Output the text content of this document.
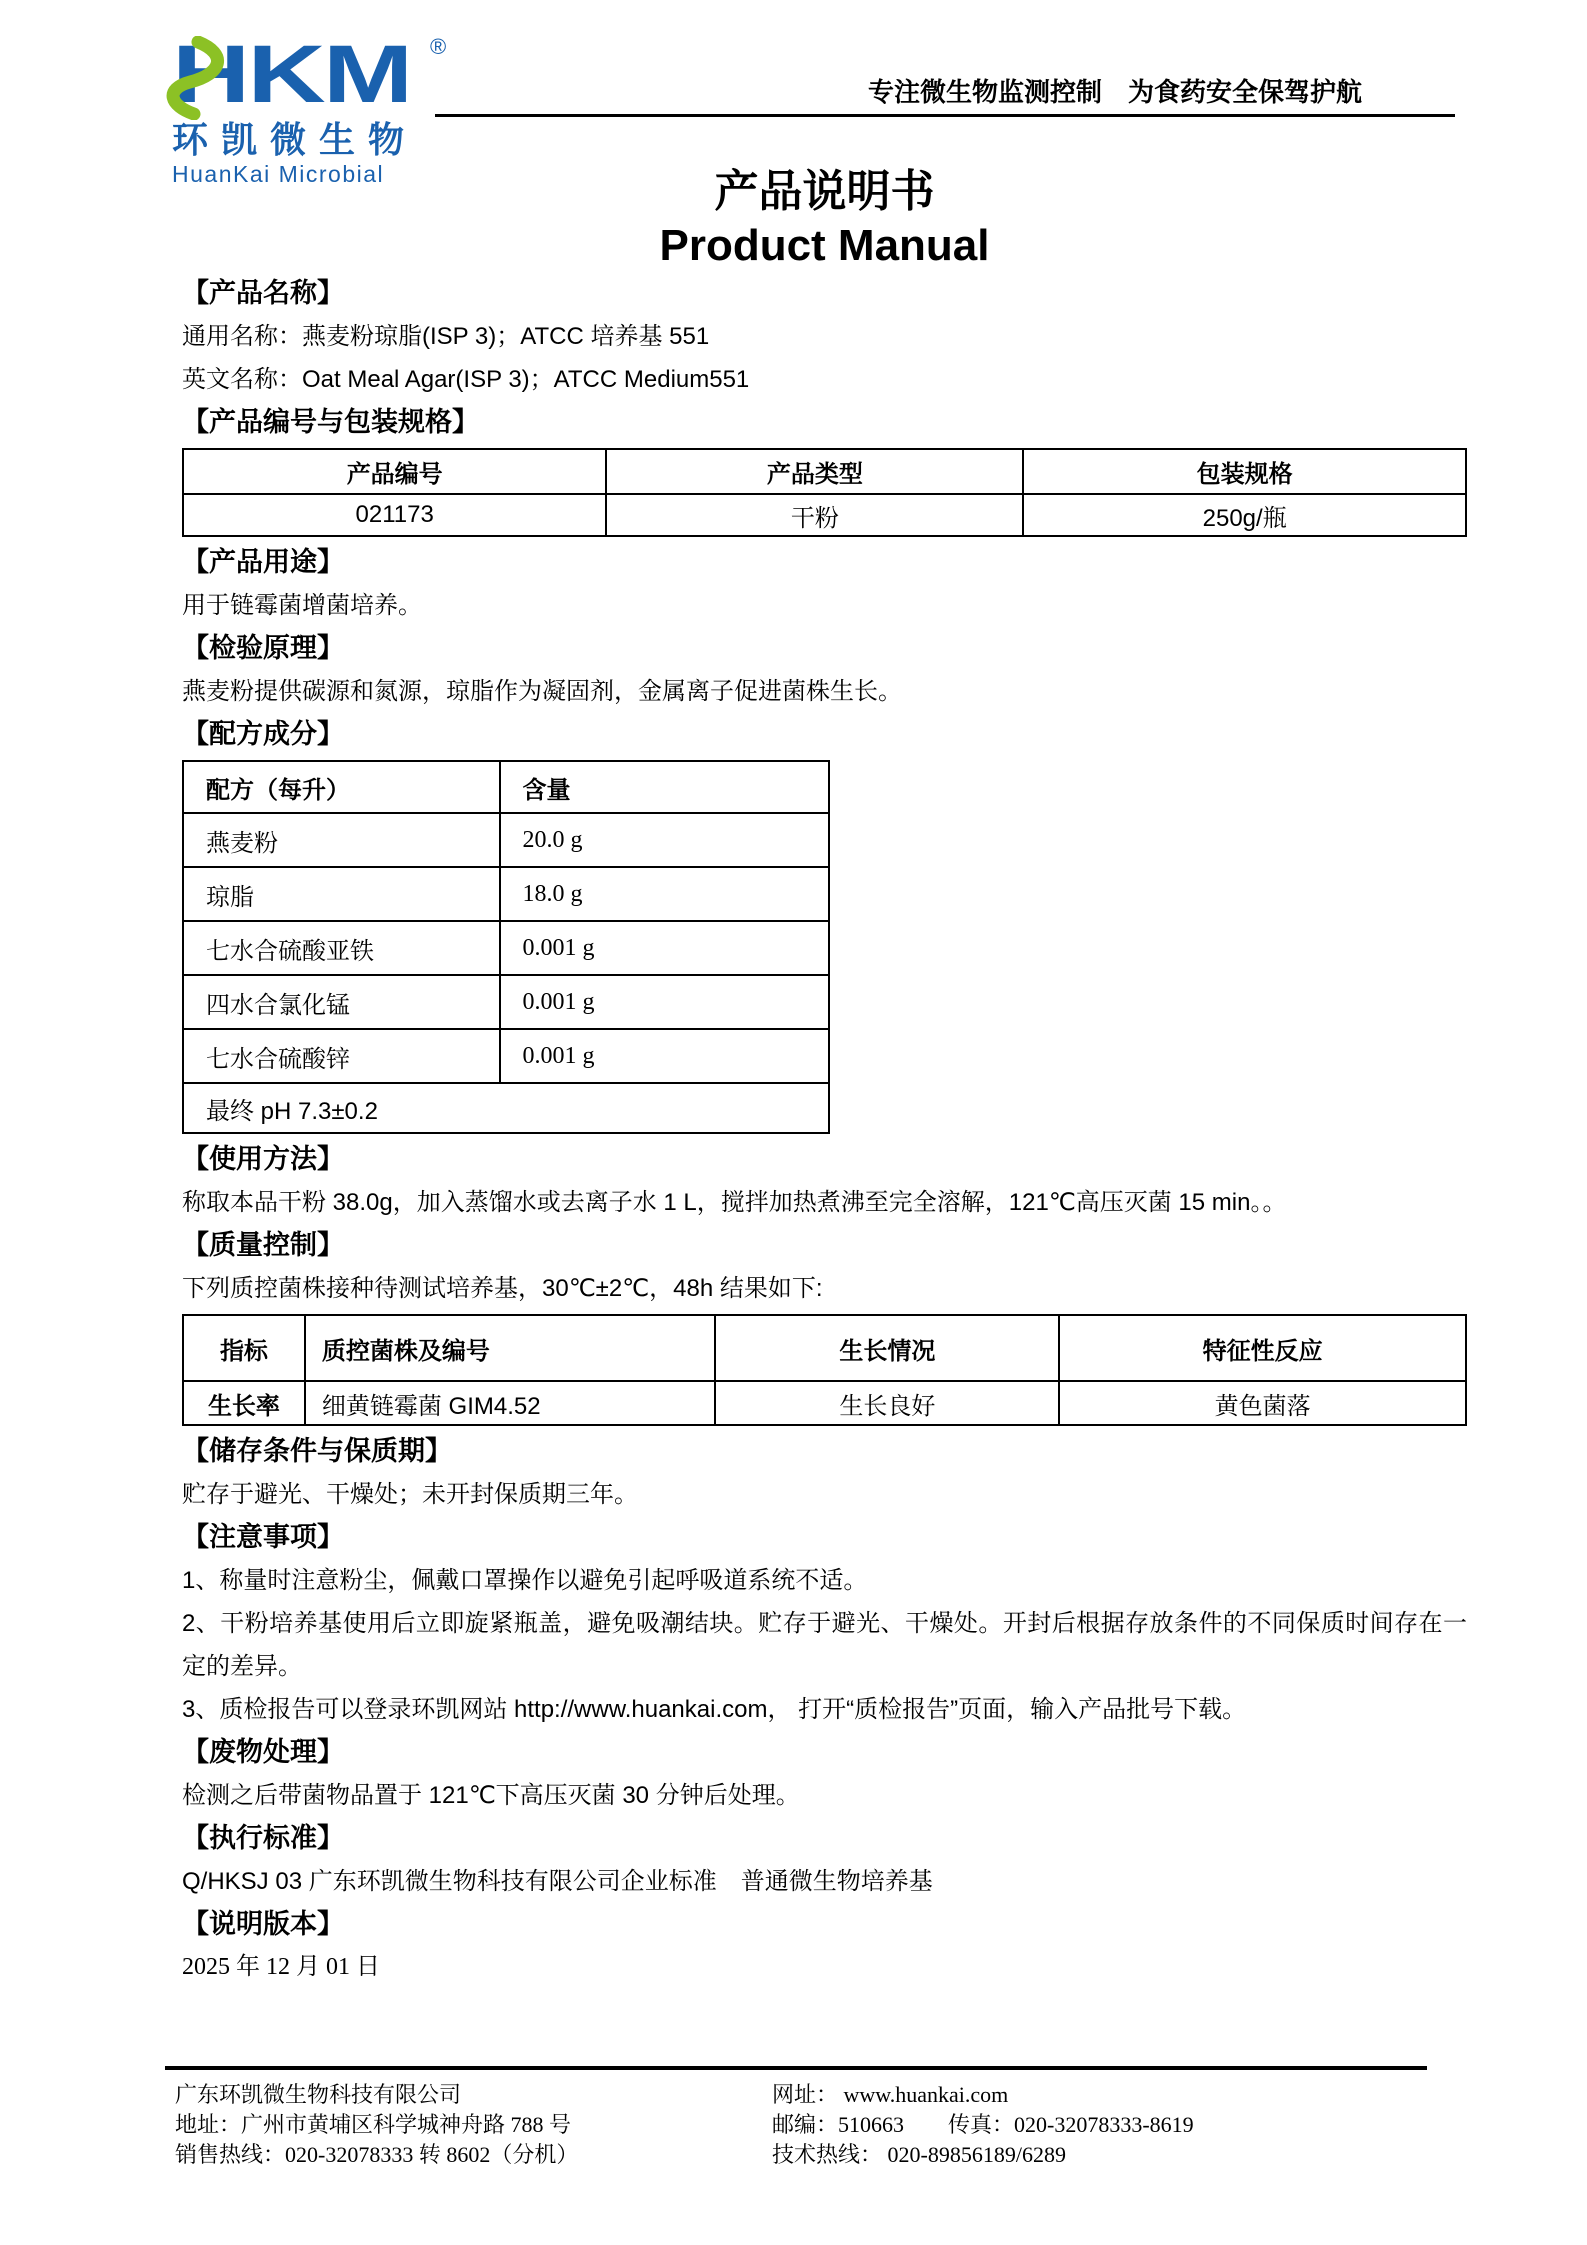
HKM ®
环凯微生物
HuanKai Microbial
专注微生物监测控制　为食药安全保驾护航
产品说明书
Product Manual
【产品名称】

通用名称：燕麦粉琼脂(ISP 3)；ATCC 培养基 551

英文名称：Oat Meal Agar(ISP 3)；ATCC Medium551

【产品编号与包装规格】
产品编号	产品类型	包装规格
021173	干粉	250g/瓶
【产品用途】

用于链霉菌增菌培养。

【检验原理】

燕麦粉提供碳源和氮源，琼脂作为凝固剂，金属离子促进菌株生长。

【配方成分】
配方（每升）	含量
燕麦粉	20.0 g
琼脂	18.0 g
七水合硫酸亚铁	0.001 g
四水合氯化锰	0.001 g
七水合硫酸锌	0.001 g
最终 pH 7.3±0.2	
【使用方法】

称取本品干粉 38.0g，加入蒸馏水或去离子水 1 L，搅拌加热煮沸至完全溶解，121℃高压灭菌 15 min。。

【质量控制】

下列质控菌株接种待测试培养基，30℃±2℃，48h 结果如下:

指标	质控菌株及编号	生长情况	特征性反应
生长率	细黄链霉菌 GIM4.52	生长良好	黄色菌落
【储存条件与保质期】

贮存于避光、干燥处；未开封保质期三年。

【注意事项】

1、称量时注意粉尘，佩戴口罩操作以避免引起呼吸道系统不适。

2、干粉培养基使用后立即旋紧瓶盖，避免吸潮结块。贮存于避光、干燥处。开封后根据存放条件的不同保质时间存在一定的差异。

3、质检报告可以登录环凯网站 http://www.huankai.com， 打开“质检报告”页面，输入产品批号下载。

【废物处理】

检测之后带菌物品置于 121℃下高压灭菌 30 分钟后处理。

【执行标准】

Q/HKSJ 03 广东环凯微生物科技有限公司企业标准　普通微生物培养基

【说明版本】

2025 年 12 月 01 日

广东环凯微生物科技有限公司	网址： www.huankai.com
地址：广州市黄埔区科学城神舟路 788 号	邮编：510663　　传真：020-32078333-8619
销售热线：020-32078333 转 8602（分机）	技术热线： 020-89856189/6289
